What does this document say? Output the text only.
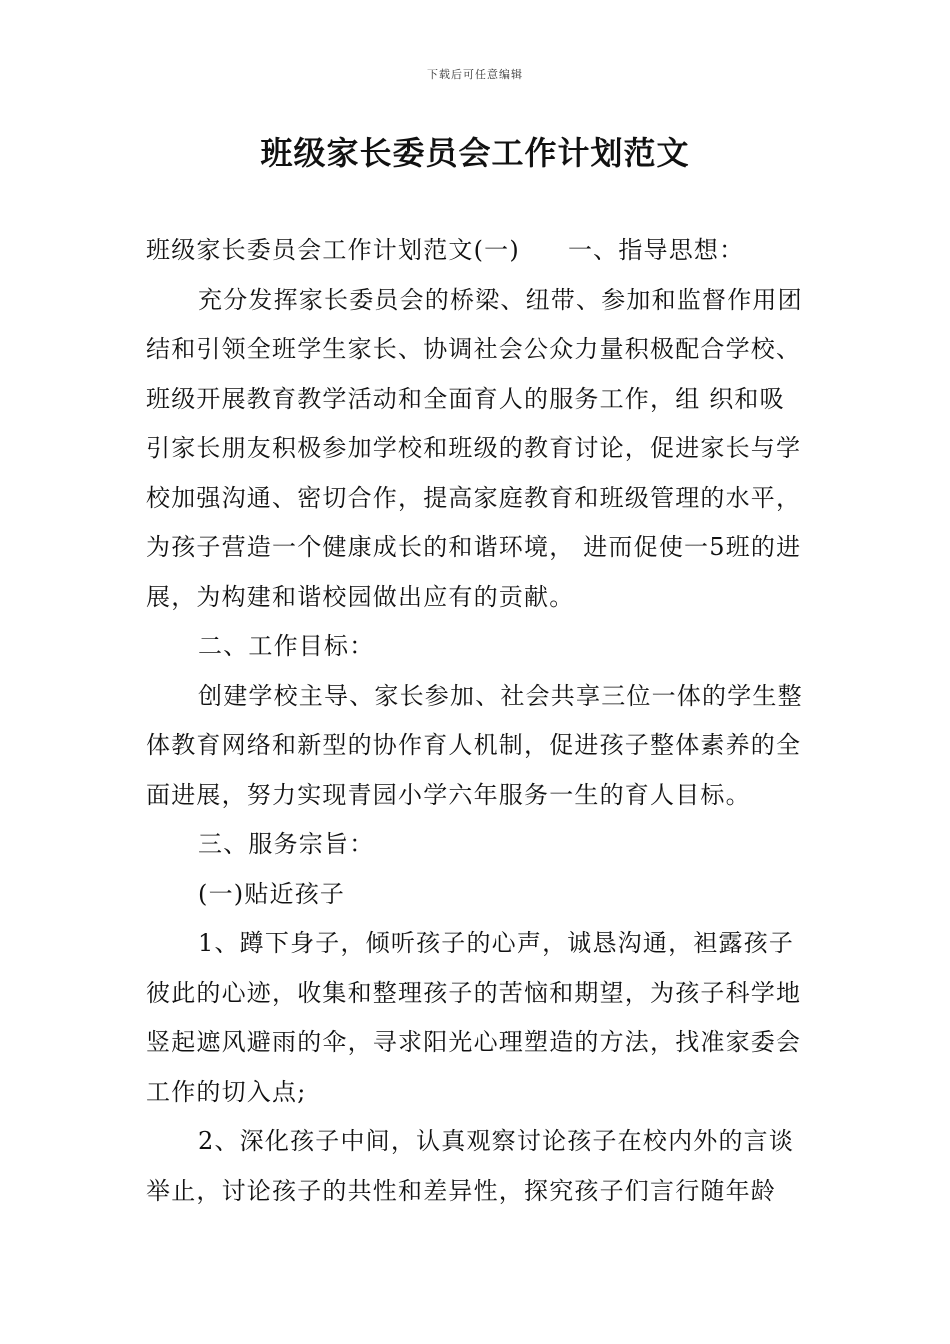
下载后可任意编辑
班级家长委员会工作计划范文

班级家长委员会工作计划范文(一) 一、指导思想：

充分发挥家长委员会的桥梁、纽带、参加和监督作用团结和引领全班学生家长、协调社会公众力量积极配合学校、班级开展教育教学活动和全面育人的服务工作，组 织和吸引家长朋友积极参加学校和班级的教育讨论，促进家长与学校加强沟通、密切合作，提高家庭教育和班级管理的水平，为孩子营造一个健康成长的和谐环境， 进而促使一5班的进展，为构建和谐校园做出应有的贡献。

二、工作目标：

创建学校主导、家长参加、社会共享三位一体的学生整体教育网络和新型的协作育人机制，促进孩子整体素养的全面进展，努力实现青园小学六年服务一生的育人目标。

三、服务宗旨：

(一)贴近孩子

1、蹲下身子，倾听孩子的心声，诚恳沟通，袒露孩子彼此的心迹，收集和整理孩子的苦恼和期望，为孩子科学地竖起遮风避雨的伞，寻求阳光心理塑造的方法，找准家委会工作的切入点;

2、深化孩子中间，认真观察讨论孩子在校内外的言谈举止，讨论孩子的共性和差异性，探究孩子们言行随年龄
